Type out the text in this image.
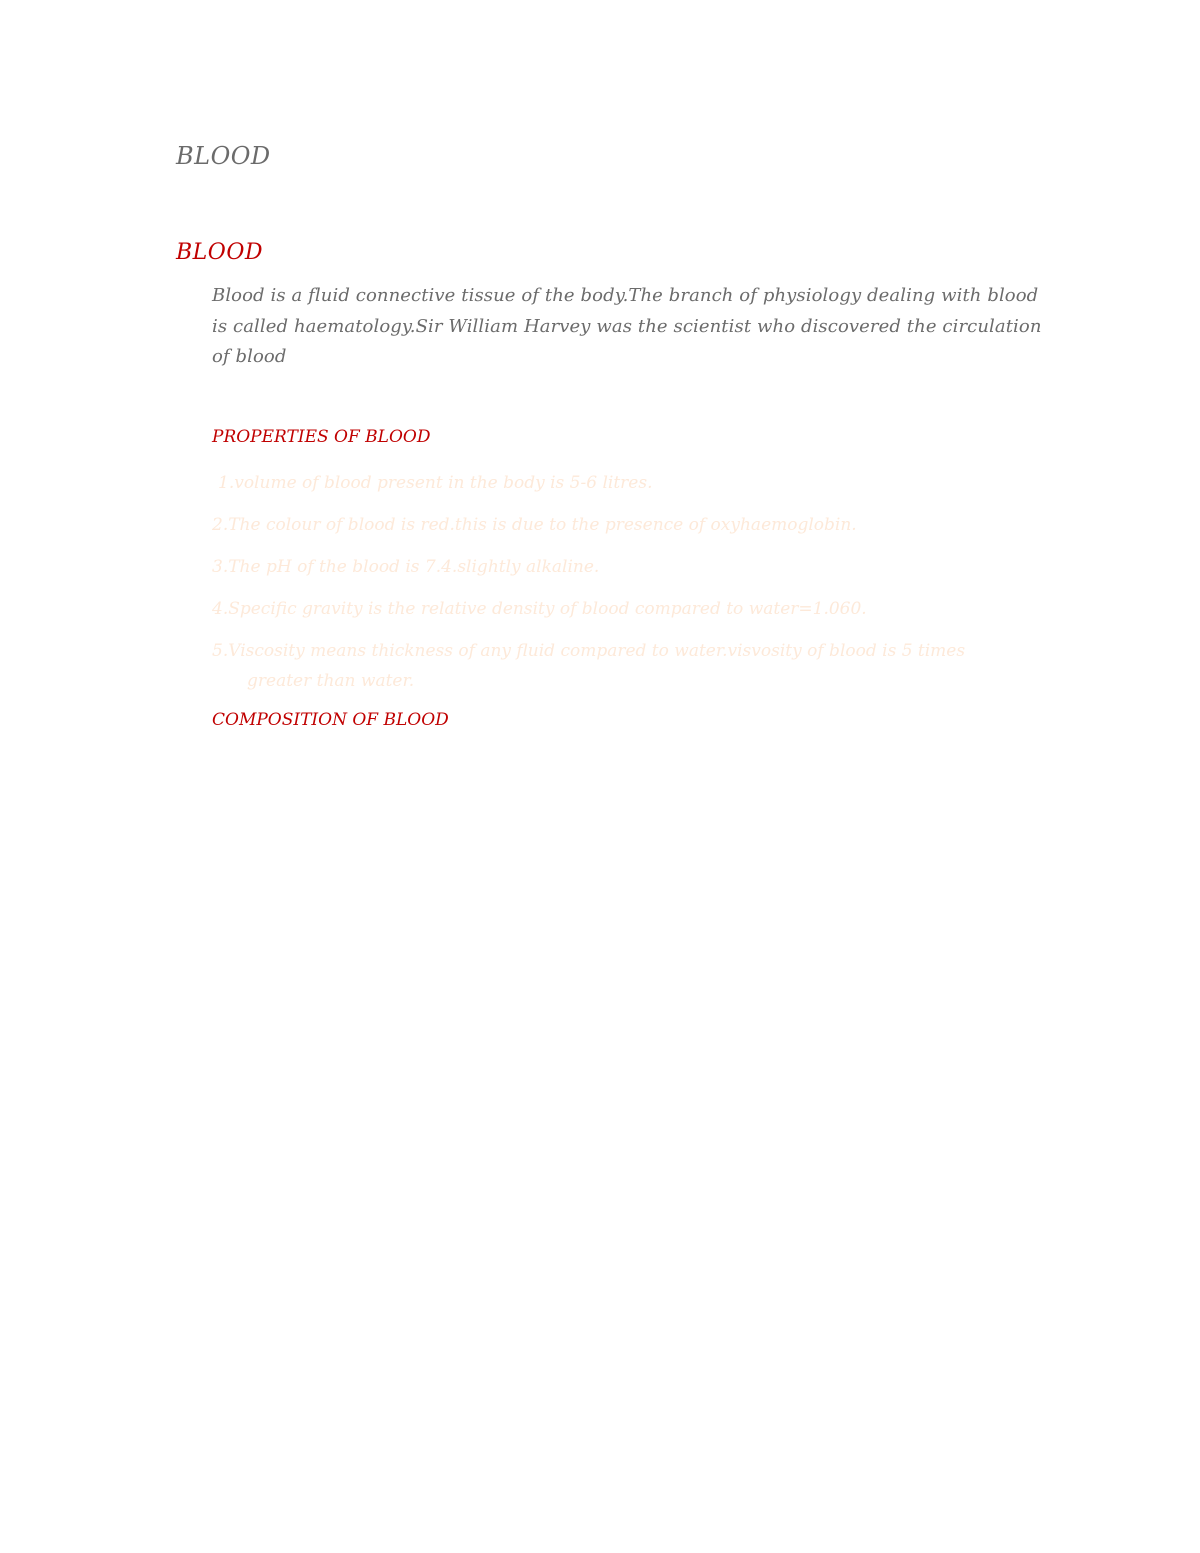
BLOOD
BLOOD

Blood is a fluid connective tissue of the body.The branch of physiology dealing with blood is called haematology.Sir William Harvey was the scientist who discovered the circulation of blood

PROPERTIES OF BLOOD
1.volume of blood present in the body is 5-6 litres.
2.The colour of blood is red.this is due to the presence of oxyhaemoglobin.
3.The pH of the blood is 7.4.slightly alkaline.
4.Specific gravity is the relative density of blood compared to water=1.060.
5.Viscosity means thickness of any fluid compared to water.visvosity of blood is 5 times greater than water.
COMPOSITION OF BLOOD
